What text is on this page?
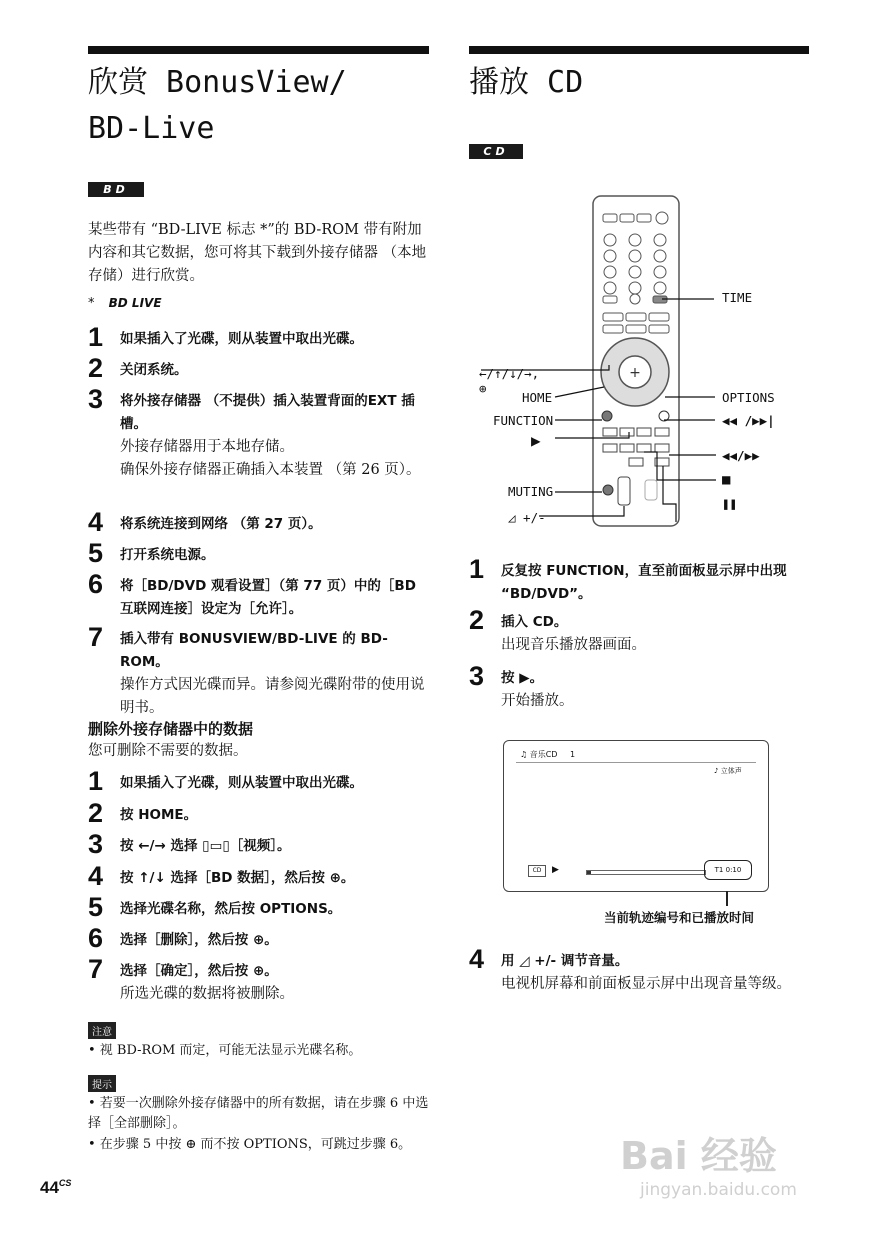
欣赏 BonusView/
BD-Live
BD
某些带有 “BD-LIVE 标志 *”的 BD-ROM 带有附加内容和其它数据，您可将其下载到外接存储器 （本地存储）进行欣赏。
* BD LIVE
1	如果插入了光碟，则从装置中取出光碟。
2	关闭系统。
3	将外接存储器 （不提供）插入装置背面的EXT 插槽。
外接存储器用于本地存储。
确保外接存储器正确插入本装置 （第 26 页）。
4	将系统连接到网络 （第 27 页）。
5	打开系统电源。
6	将［BD/DVD 观看设置］（第 77 页）中的［BD 互联网连接］设定为［允许］。
7	插入带有 BONUSVIEW/BD-LIVE 的 BD-ROM。
操作方式因光碟而异。请参阅光碟附带的使用说明书。
删除外接存储器中的数据
您可删除不需要的数据。
1	如果插入了光碟，则从装置中取出光碟。
2	按 HOME。
3	按 ←/→ 选择 ▯▭▯［视频］。
4	按 ↑/↓ 选择［BD 数据］，然后按 ⊕。
5	选择光碟名称，然后按 OPTIONS。
6	选择［删除］，然后按 ⊕。
7	选择［确定］，然后按 ⊕。
所选光碟的数据将被删除。
注意
• 视 BD-ROM 而定，可能无法显示光碟名称。
提示
• 若要一次删除外接存储器中的所有数据，请在步骤 6 中选择［全部删除］。
• 在步骤 5 中按 ⊕ 而不按 OPTIONS，可跳过步骤 6。
播放 CD
CD
+
TIME
←/↑/↓/→,
⊕
HOME	OPTIONS
FUNCTION	◀◀ /▶▶|
▶
◀◀/▶▶
■
MUTING
❚❚
◿ +/-
1	反复按 FUNCTION，直至前面板显示屏中出现 “BD/DVD”。
2	插入 CD。
出现音乐播放器画面。
3	按 ▶。
开始播放。
♫ 音乐CD 1
♪ 立体声
CD	▶	T1 0:10
当前轨迹编号和已播放时间
4	用 ◿ +/- 调节音量。
电视机屏幕和前面板显示屏中出现音量等级。
$44^{CS}$
Bai 经验
jingyan.baidu.com
